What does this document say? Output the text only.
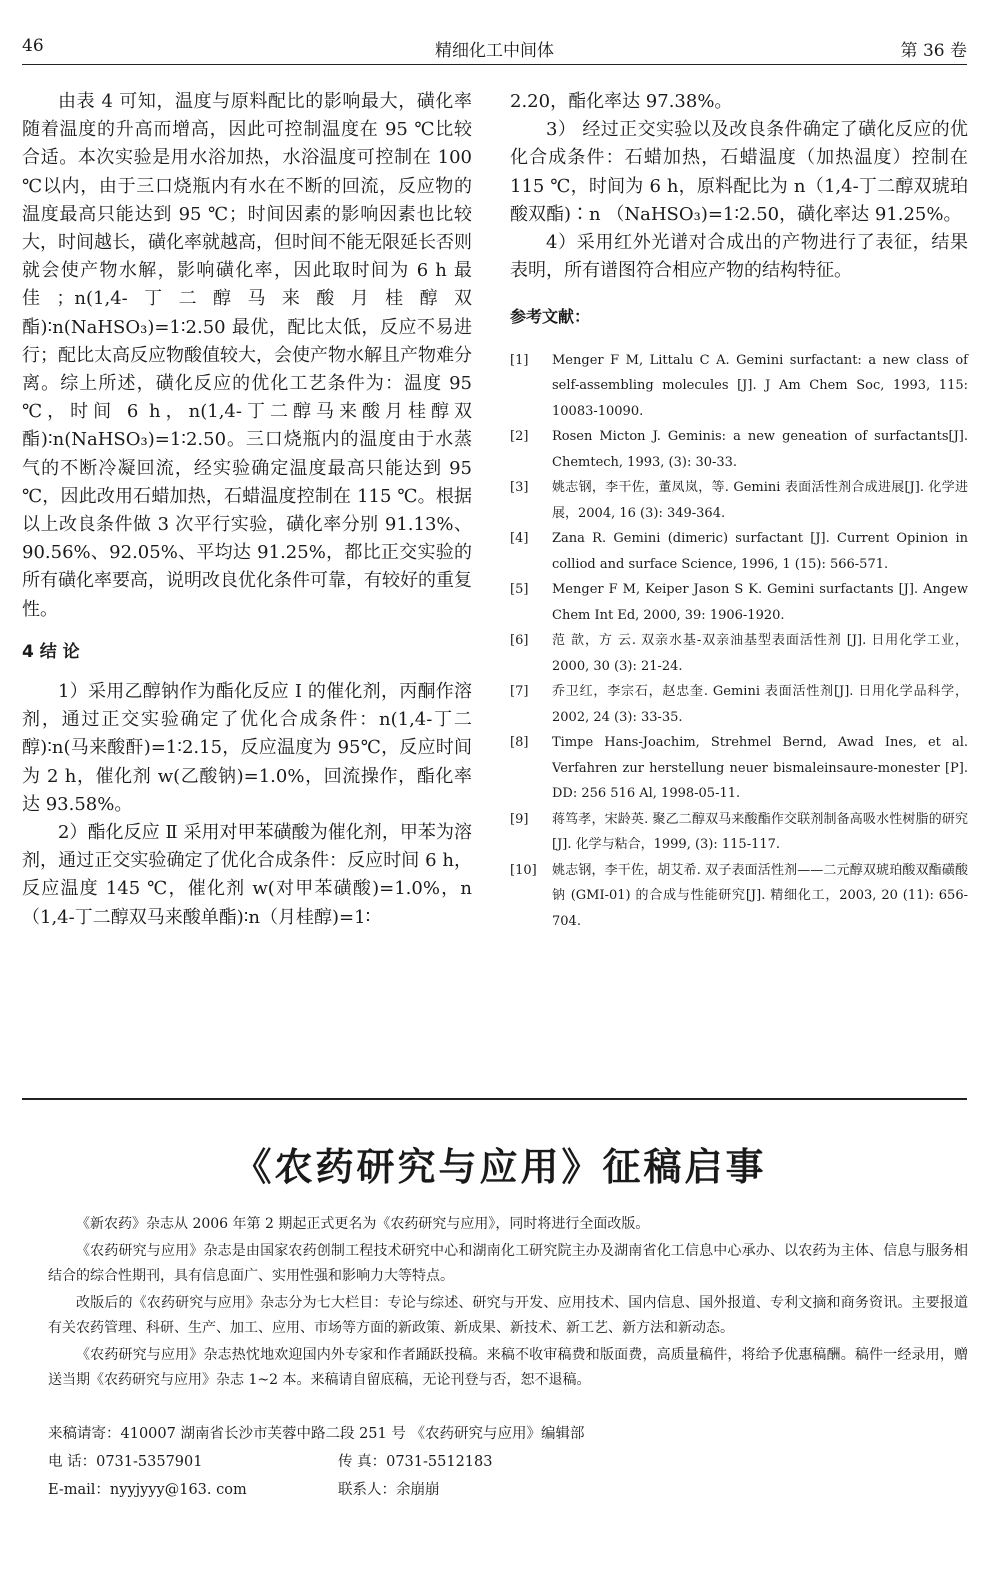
46	精细化工中间体	第 36 卷

由表 4 可知，温度与原料配比的影响最大，磺化率随着温度的升高而增高，因此可控制温度在 95 ℃比较合适。本次实验是用水浴加热，水浴温度可控制在 100 ℃以内，由于三口烧瓶内有水在不断的回流，反应物的温度最高只能达到 95 ℃；时间因素的影响因素也比较大，时间越长，磺化率就越高，但时间不能无限延长否则就会使产物水解，影响磺化率，因此取时间为 6 h 最佳；n(1,4-丁二醇马来酸月桂醇双酯)∶n(NaHSO₃)=1∶2.50 最优，配比太低，反应不易进行；配比太高反应物酸值较大，会使产物水解且产物难分离。综上所述，磺化反应的优化工艺条件为：温度 95 ℃，时间 6 h，n(1,4-丁二醇马来酸月桂醇双酯)∶n(NaHSO₃)=1∶2.50。三口烧瓶内的温度由于水蒸气的不断冷凝回流，经实验确定温度最高只能达到 95 ℃，因此改用石蜡加热，石蜡温度控制在 115 ℃。根据以上改良条件做 3 次平行实验，磺化率分别 91.13%、90.56%、92.05%、平均达 91.25%，都比正交实验的所有磺化率要高，说明改良优化条件可靠，有较好的重复性。

4 结 论

1）采用乙醇钠作为酯化反应 I 的催化剂，丙酮作溶剂，通过正交实验确定了优化合成条件：n(1,4-丁二醇)∶n(马来酸酐)=1∶2.15，反应温度为 95℃，反应时间为 2 h，催化剂 w(乙酸钠)=1.0%，回流操作，酯化率达 93.58%。

2）酯化反应 Ⅱ 采用对甲苯磺酸为催化剂，甲苯为溶剂，通过正交实验确定了优化合成条件：反应时间 6 h，反应温度 145 ℃，催化剂 w(对甲苯磺酸)=1.0%，n（1,4-丁二醇双马来酸单酯)∶n（月桂醇)=1∶

2.20，酯化率达 97.38%。

3） 经过正交实验以及改良条件确定了磺化反应的优化合成条件：石蜡加热，石蜡温度（加热温度）控制在 115 ℃，时间为 6 h，原料配比为 n（1,4-丁二醇双琥珀酸双酯)∶n （NaHSO₃)=1∶2.50，磺化率达 91.25%。

4）采用红外光谱对合成出的产物进行了表征，结果表明，所有谱图符合相应产物的结构特征。

参考文献：
[1]	Menger F M, Littalu C A. Gemini surfactant: a new class of self-assembling molecules [J]. J Am Chem Soc, 1993, 115: 10083-10090.
[2]	Rosen Micton J. Geminis: a new geneation of surfactants[J]. Chemtech, 1993, (3): 30-33.
[3]	姚志钢，李干佐，董凤岚，等. Gemini 表面活性剂合成进展[J]. 化学进展，2004, 16 (3): 349-364.
[4]	Zana R. Gemini (dimeric) surfactant [J]. Current Opinion in colliod and surface Science, 1996, 1 (15): 566-571.
[5]	Menger F M, Keiper Jason S K. Gemini surfactants [J]. Angew Chem Int Ed, 2000, 39: 1906-1920.
[6]	范 歆，方 云. 双亲水基-双亲油基型表面活性剂 [J]. 日用化学工业，2000, 30 (3): 21-24.
[7]	乔卫红，李宗石，赵忠奎. Gemini 表面活性剂[J]. 日用化学品科学，2002, 24 (3): 33-35.
[8]	Timpe Hans-Joachim, Strehmel Bernd, Awad Ines, et al. Verfahren zur herstellung neuer bismaleinsaure-monester [P]. DD: 256 516 Al, 1998-05-11.
[9]	蒋笃孝，宋龄英. 聚乙二醇双马来酸酯作交联剂制备高吸水性树脂的研究[J]. 化学与粘合，1999, (3): 115-117.
[10]	姚志钢，李干佐，胡艾希. 双子表面活性剂——二元醇双琥珀酸双酯磺酸钠 (GMI-01) 的合成与性能研究[J]. 精细化工，2003, 20 (11): 656-704.
《农药研究与应用》征稿启事

《新农药》杂志从 2006 年第 2 期起正式更名为《农药研究与应用》，同时将进行全面改版。

《农药研究与应用》杂志是由国家农药创制工程技术研究中心和湖南化工研究院主办及湖南省化工信息中心承办、以农药为主体、信息与服务相结合的综合性期刊，具有信息面广、实用性强和影响力大等特点。

改版后的《农药研究与应用》杂志分为七大栏目：专论与综述、研究与开发、应用技术、国内信息、国外报道、专利文摘和商务资讯。主要报道有关农药管理、科研、生产、加工、应用、市场等方面的新政策、新成果、新技术、新工艺、新方法和新动态。

《农药研究与应用》杂志热忱地欢迎国内外专家和作者踊跃投稿。来稿不收审稿费和版面费，高质量稿件，将给予优惠稿酬。稿件一经录用，赠送当期《农药研究与应用》杂志 1~2 本。来稿请自留底稿，无论刊登与否，恕不退稿。

来稿请寄：410007 湖南省长沙市芙蓉中路二段 251 号 《农药研究与应用》编辑部
电 话：0731-5357901	传 真：0731-5512183
E-mail：nyyjyyy@163. com	联系人：余崩崩
